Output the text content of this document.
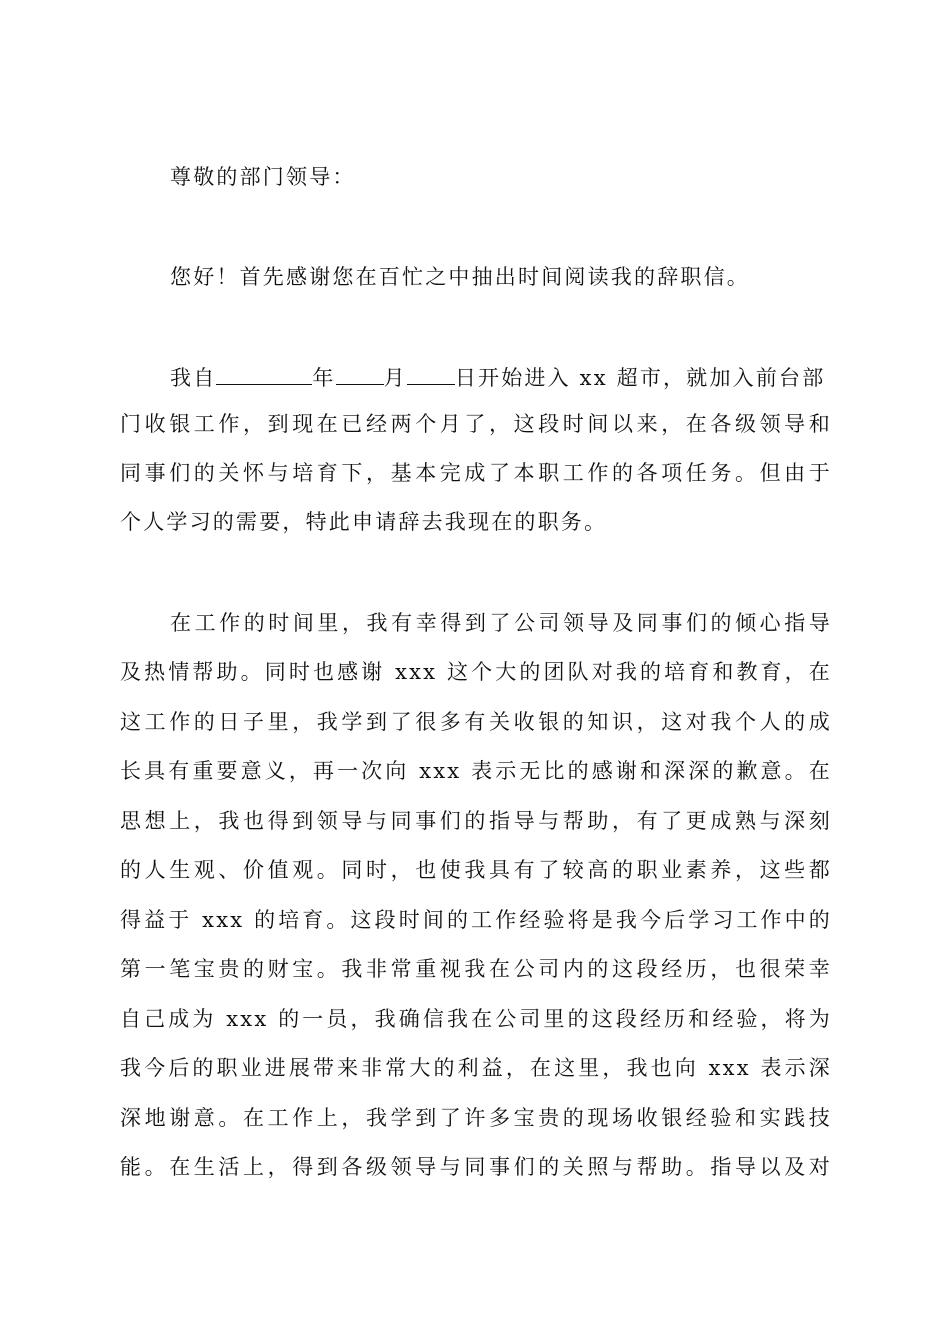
尊敬的部门领导：
您好！首先感谢您在百忙之中抽出时间阅读我的辞职信。
我自	年 月 日开始进入 xx 超市，就加入前台部
门收银工作，到现在已经两个月了，这段时间以来，在各级领导和
同事们的关怀与培育下，基本完成了本职工作的各项任务。但由于
个人学习的需要，特此申请辞去我现在的职务。
在工作的时间里，我有幸得到了公司领导及同事们的倾心指导
及热情帮助。同时也感谢 xxx 这个大的团队对我的培育和教育，在
这工作的日子里，我学到了很多有关收银的知识，这对我个人的成
长具有重要意义，再一次向 xxx 表示无比的感谢和深深的歉意。在
思想上，我也得到领导与同事们的指导与帮助，有了更成熟与深刻
的人生观、价值观。同时，也使我具有了较高的职业素养，这些都
得益于 xxx 的培育。这段时间的工作经验将是我今后学习工作中的
第一笔宝贵的财宝。我非常重视我在公司内的这段经历，也很荣幸
自己成为 xxx 的一员，我确信我在公司里的这段经历和经验，将为
我今后的职业进展带来非常大的利益，在这里，我也向 xxx 表示深
深地谢意。在工作上，我学到了许多宝贵的现场收银经验和实践技
能。在生活上，得到各级领导与同事们的关照与帮助。指导以及对
